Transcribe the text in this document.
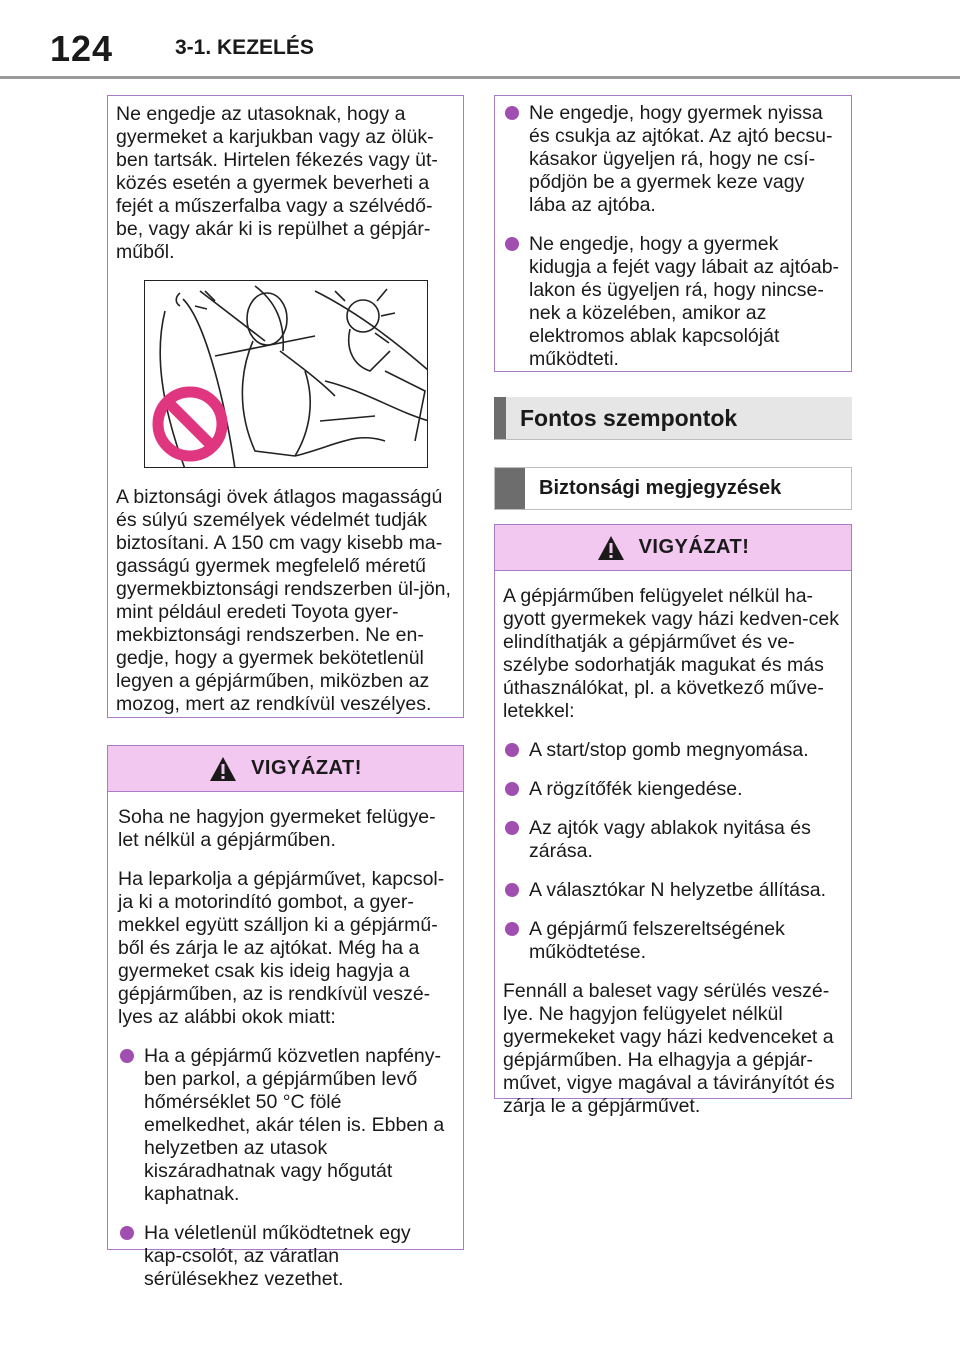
124	3-1. KEZELÉS
Ne engedje az utasoknak, hogy a gyermeket a karjukban vagy az ölük-ben tartsák. Hirtelen fékezés vagy üt-közés esetén a gyermek beverheti a fejét a műszerfalba vagy a szélvédő-be, vagy akár ki is repülhet a gépjár-műből.
A biztonsági övek átlagos magasságú és súlyú személyek védelmét tudják biztosítani. A 150 cm vagy kisebb ma-gasságú gyermek megfelelő méretű gyermekbiztonsági rendszerben ül-jön, mint például eredeti Toyota gyer-mekbiztonsági rendszerben. Ne en-gedje, hogy a gyermek bekötetlenül legyen a gépjárműben, miközben az mozog, mert az rendkívül veszélyes.
VIGYÁZAT!
Soha ne hagyjon gyermeket felügye-let nélkül a gépjárműben.
Ha leparkolja a gépjárművet, kapcsol-ja ki a motorindító gombot, a gyer-mekkel együtt szálljon ki a gépjármű-ből és zárja le az ajtókat. Még ha a gyermeket csak kis ideig hagyja a gépjárműben, az is rendkívül veszé-lyes az alábbi okok miatt:
Ha a gépjármű közvetlen napfény-ben parkol, a gépjárműben levő hőmérséklet 50 °C fölé emelkedhet, akár télen is. Ebben a helyzetben az utasok kiszáradhatnak vagy hőgutát kaphatnak.
Ha véletlenül működtetnek egy kap-csolót, az váratlan sérülésekhez vezethet.
Ne engedje, hogy gyermek nyissa és csukja az ajtókat. Az ajtó becsu-kásakor ügyeljen rá, hogy ne csí-pődjön be a gyermek keze vagy lába az ajtóba.
Ne engedje, hogy a gyermek kidugja a fejét vagy lábait az ajtóab-lakon és ügyeljen rá, hogy nincse-nek a közelében, amikor az elektromos ablak kapcsolóját működteti.
Fontos szempontok
Biztonsági megjegyzések
VIGYÁZAT!
A gépjárműben felügyelet nélkül ha-gyott gyermekek vagy házi kedven-cek elindíthatják a gépjárművet és ve-szélybe sodorhatják magukat és más úthasználókat, pl. a következő műve-letekkel:
A start/stop gomb megnyomása.
A rögzítőfék kiengedése.
Az ajtók vagy ablakok nyitása és zárása.
A választókar N helyzetbe állítása.
A gépjármű felszereltségének működtetése.
Fennáll a baleset vagy sérülés veszé-lye. Ne hagyjon felügyelet nélkül gyermekeket vagy házi kedvenceket a gépjárműben. Ha elhagyja a gépjár-művet, vigye magával a távirányítót és zárja le a gépjárművet.
